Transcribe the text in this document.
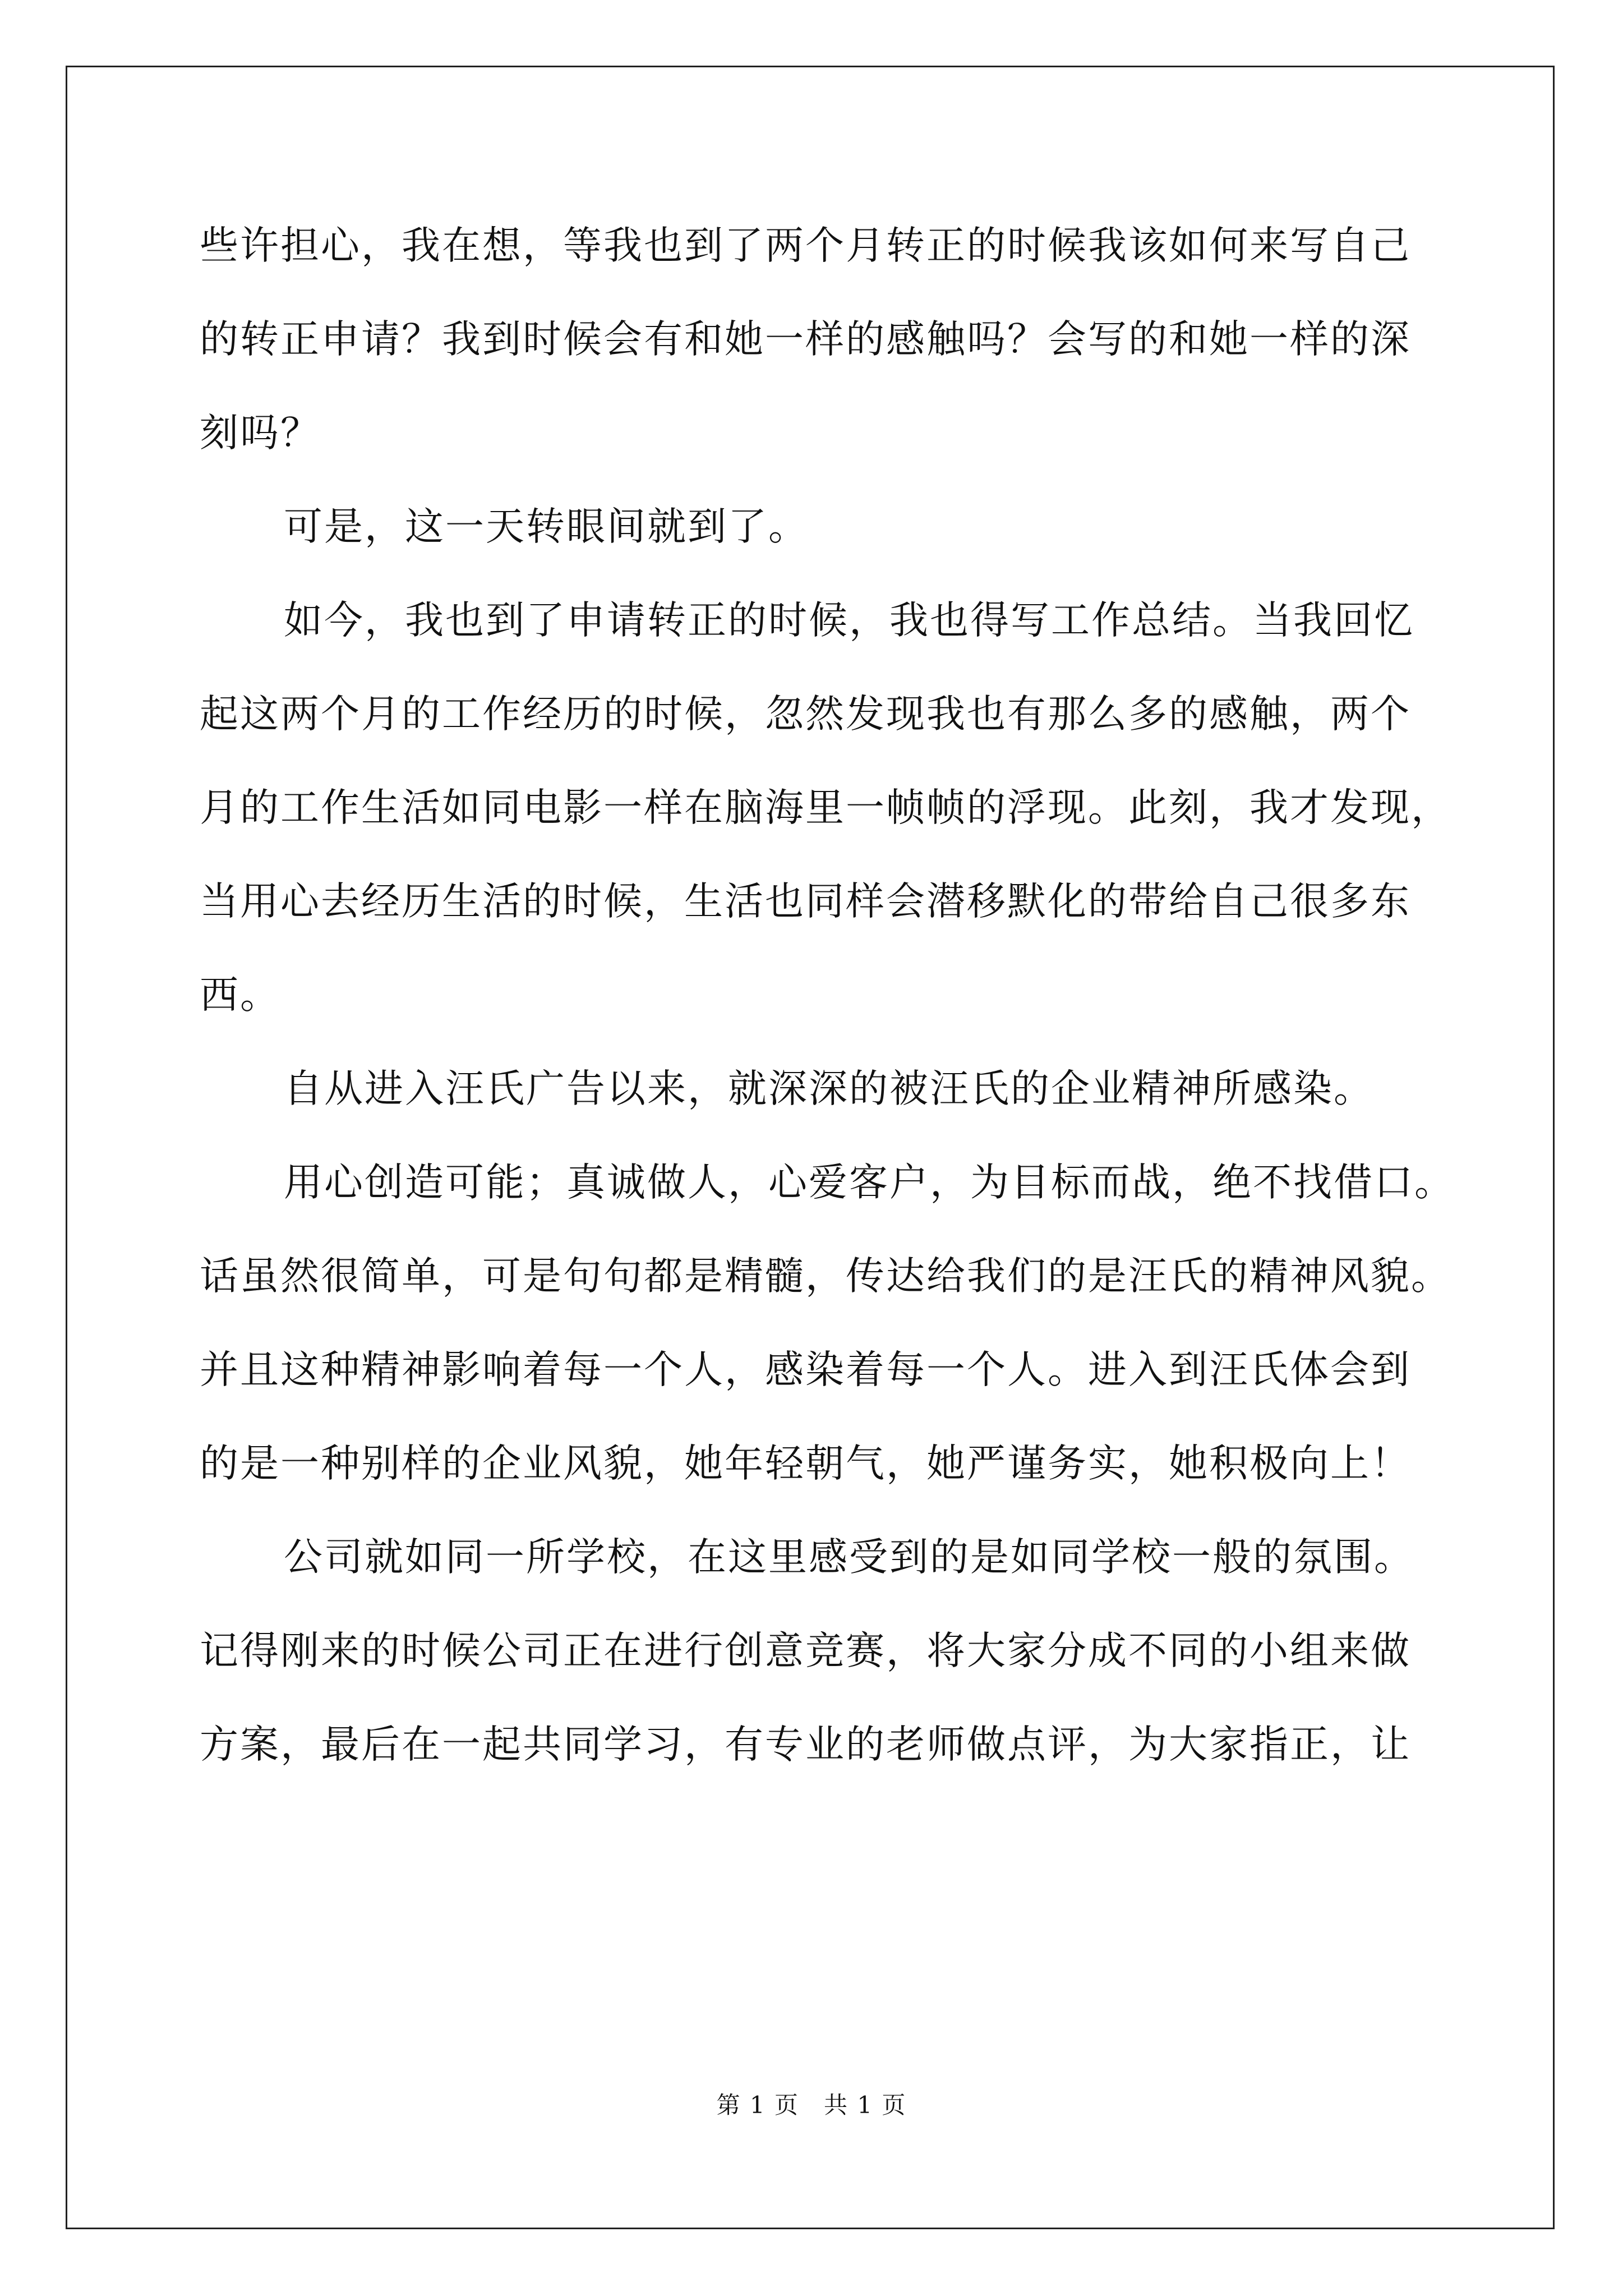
些许担心，我在想，等我也到了两个月转正的时候我该如何来写自己
的转正申请？我到时候会有和她一样的感触吗？会写的和她一样的深
刻吗？
可是，这一天转眼间就到了。
如今，我也到了申请转正的时候，我也得写工作总结。当我回忆
起这两个月的工作经历的时候，忽然发现我也有那么多的感触，两个
月的工作生活如同电影一样在脑海里一帧帧的浮现。此刻，我才发现，
当用心去经历生活的时候，生活也同样会潜移默化的带给自己很多东
西。
自从进入汪氏广告以来，就深深的被汪氏的企业精神所感染。
用心创造可能；真诚做人，心爱客户，为目标而战，绝不找借口。
话虽然很简单，可是句句都是精髓，传达给我们的是汪氏的精神风貌。
并且这种精神影响着每一个人，感染着每一个人。进入到汪氏体会到
的是一种别样的企业风貌，她年轻朝气，她严谨务实，她积极向上！
公司就如同一所学校，在这里感受到的是如同学校一般的氛围。
记得刚来的时候公司正在进行创意竞赛，将大家分成不同的小组来做
方案，最后在一起共同学习，有专业的老师做点评，为大家指正，让
第 1 页　共 1 页
